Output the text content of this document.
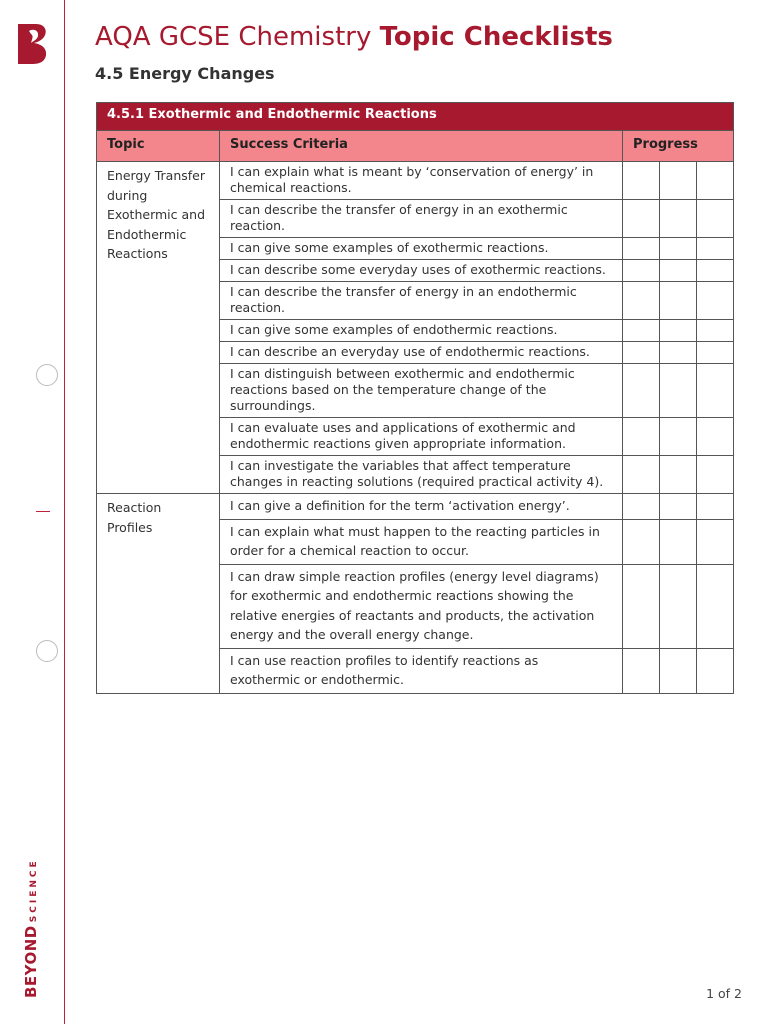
BEYONDSCIENCE
AQA GCSE Chemistry Topic Checklists
4.5 Energy Changes
4.5.1 Exothermic and Endothermic Reactions				
Topic	Success Criteria	Progress		
Energy Transfer during Exothermic and Endothermic Reactions	I can explain what is meant by ‘conservation of energy’ in chemical reactions.			
	I can describe the transfer of energy in an exothermic reaction.			
	I can give some examples of exothermic reactions.			
	I can describe some everyday uses of exothermic reactions.			
	I can describe the transfer of energy in an endothermic reaction.			
	I can give some examples of endothermic reactions.			
	I can describe an everyday use of endothermic reactions.			
	I can distinguish between exothermic and endothermic reactions based on the temperature change of the surroundings.			
	I can evaluate uses and applications of exothermic and endothermic reactions given appropriate information.			
	I can investigate the variables that affect temperature changes in reacting solutions (required practical activity 4).			
Reaction Profiles	I can give a definition for the term ‘activation energy’.			
	I can explain what must happen to the reacting particles in order for a chemical reaction to occur.			
	I can draw simple reaction profiles (energy level diagrams) for exothermic and endothermic reactions showing the relative energies of reactants and products, the activation energy and the overall energy change.			
	I can use reaction profiles to identify reactions as exothermic or endothermic.			
1 of 2
